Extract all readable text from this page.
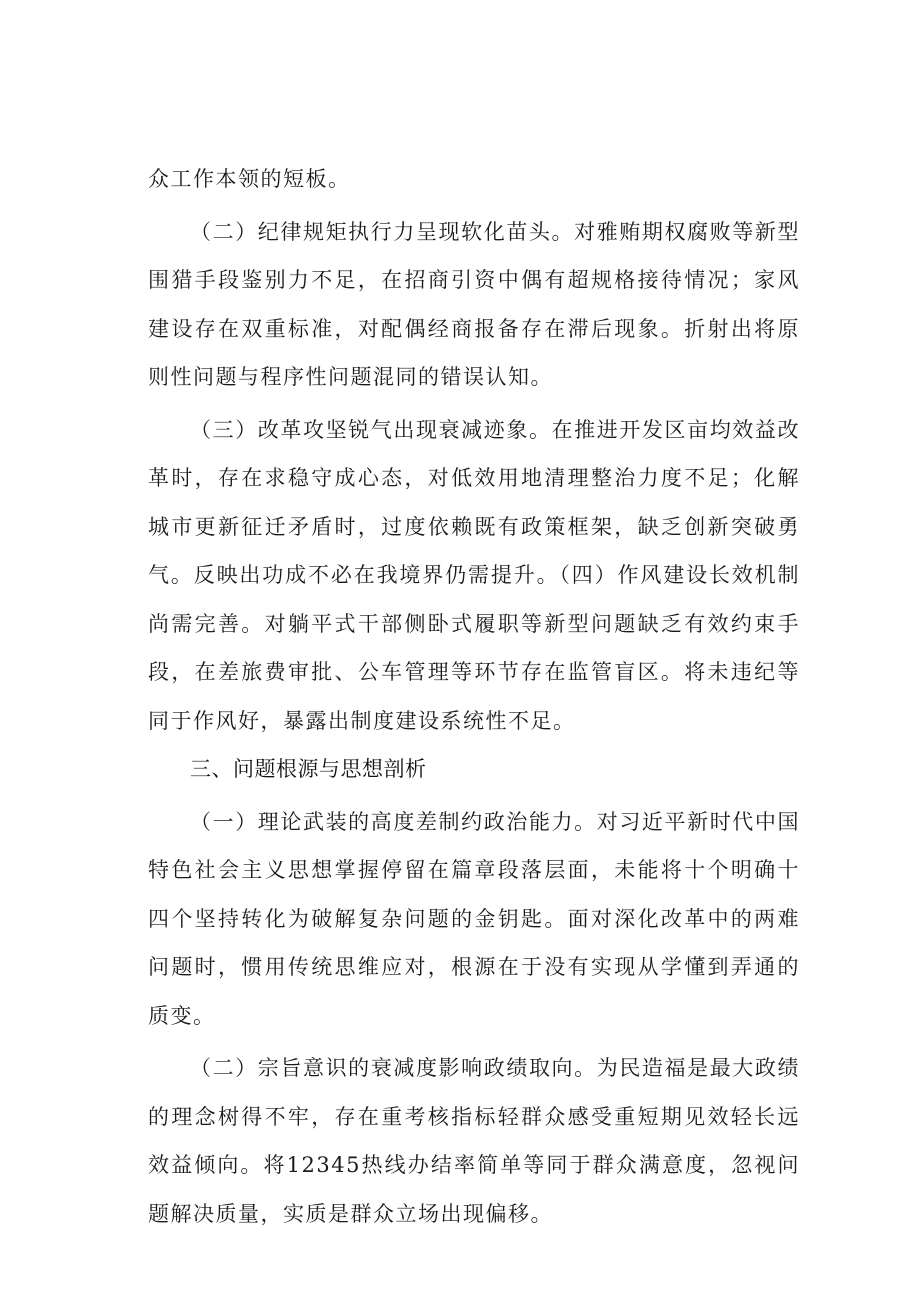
众工作本领的短板。

（二）纪律规矩执行力呈现软化苗头。对雅贿期权腐败等新型围猎手段鉴别力不足，在招商引资中偶有超规格接待情况；家风建设存在双重标准，对配偶经商报备存在滞后现象。折射出将原则性问题与程序性问题混同的错误认知。

（三）改革攻坚锐气出现衰减迹象。在推进开发区亩均效益改革时，存在求稳守成心态，对低效用地清理整治力度不足；化解城市更新征迁矛盾时，过度依赖既有政策框架，缺乏创新突破勇气。反映出功成不必在我境界仍需提升。（四）作风建设长效机制尚需完善。对躺平式干部侧卧式履职等新型问题缺乏有效约束手段，在差旅费审批、公车管理等环节存在监管盲区。将未违纪等同于作风好，暴露出制度建设系统性不足。

三、问题根源与思想剖析

（一）理论武装的高度差制约政治能力。对习近平新时代中国特色社会主义思想掌握停留在篇章段落层面，未能将十个明确十四个坚持转化为破解复杂问题的金钥匙。面对深化改革中的两难问题时，惯用传统思维应对，根源在于没有实现从学懂到弄通的质变。

（二）宗旨意识的衰减度影响政绩取向。为民造福是最大政绩的理念树得不牢，存在重考核指标轻群众感受重短期见效轻长远效益倾向。将12345热线办结率简单等同于群众满意度，忽视问题解决质量，实质是群众立场出现偏移。
